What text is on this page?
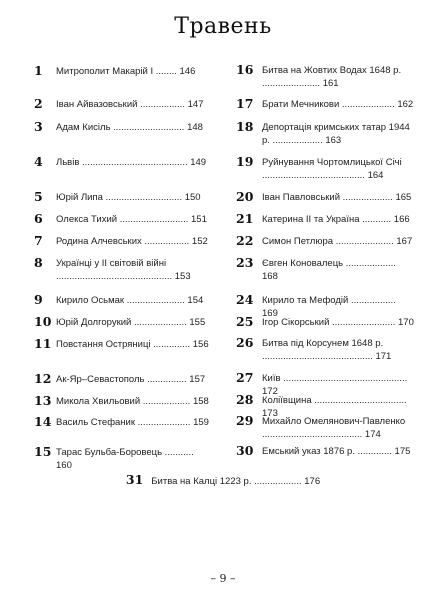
Травень
1	Митрополит Макарій I ........ 146
2	Іван Айвазовський ................. 147
3	Адам Кисіль ........................... 148
4	Львів ........................................ 149
5	Юрій Липа ............................. 150
6	Олекса Тихий .......................... 151
7	Родина Алчевських ................. 152
8	Українці у II світовій війні ............................................ 153
9	Кирило Осьмак ...................... 154
10 Юрій Долгорукий .................... 155
11 Повстання Остряниці .............. 156
12 Ак-Яр–Севастополь ............... 157
13 Микола Хвильовий .................. 158
14 Василь Стефаник .................... 159
15 Тарас Бульба-Боровець ........... 160
16 Битва на Жовтих Водах 1648 р. ...................... 161
17 Брати Мечникови .................... 162
18 Депортація кримських татар 1944 р. ................... 163
19 Руйнування Чортомлицької Січі ....................................... 164
20 Іван Павловський ................... 165
21 Катерина ІІ та Україна ........... 166
22 Симон Петлюра ...................... 167
23 Євген Коновалець ................... 168
24 Кирило та Мефодій ................. 169
25 Ігор Сікорський ........................ 170
26 Битва під Корсунем 1648 р. .......................................... 171
27 Київ ............................................... 172
28 Коліївщина ................................... 173
29 Михайло Омелянович-Павленко ...................................... 174
30 Емський указ 1876 р. ............. 175
31 Битва на Калці 1223 р. .................. 176
– 9 –
